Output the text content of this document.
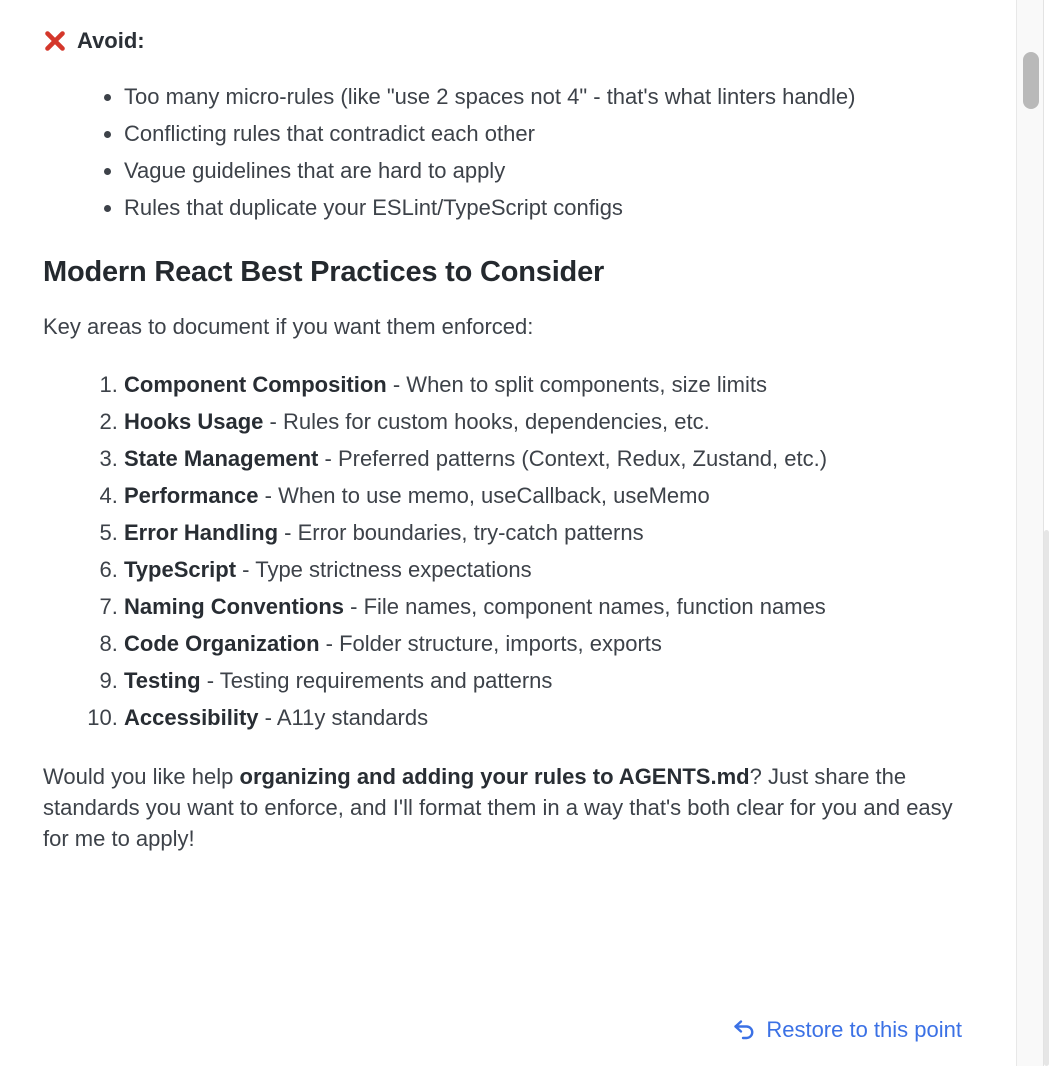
Avoid:

• Too many micro-rules (like "use 2 spaces not 4" - that's what linters handle)
• Conflicting rules that contradict each other
• Vague guidelines that are hard to apply
• Rules that duplicate your ESLint/TypeScript configs
Modern React Best Practices to Consider

Key areas to document if you want them enforced:

1. Component Composition - When to split components, size limits
2. Hooks Usage - Rules for custom hooks, dependencies, etc.
3. State Management - Preferred patterns (Context, Redux, Zustand, etc.)
4. Performance - When to use memo, useCallback, useMemo
5. Error Handling - Error boundaries, try-catch patterns
6. TypeScript - Type strictness expectations
7. Naming Conventions - File names, component names, function names
8. Code Organization - Folder structure, imports, exports
9. Testing - Testing requirements and patterns
10. Accessibility - A11y standards

Would you like help organizing and adding your rules to AGENTS.md? Just share the standards you want to enforce, and I'll format them in a way that's both clear for you and easy for me to apply!

Restore to this point
